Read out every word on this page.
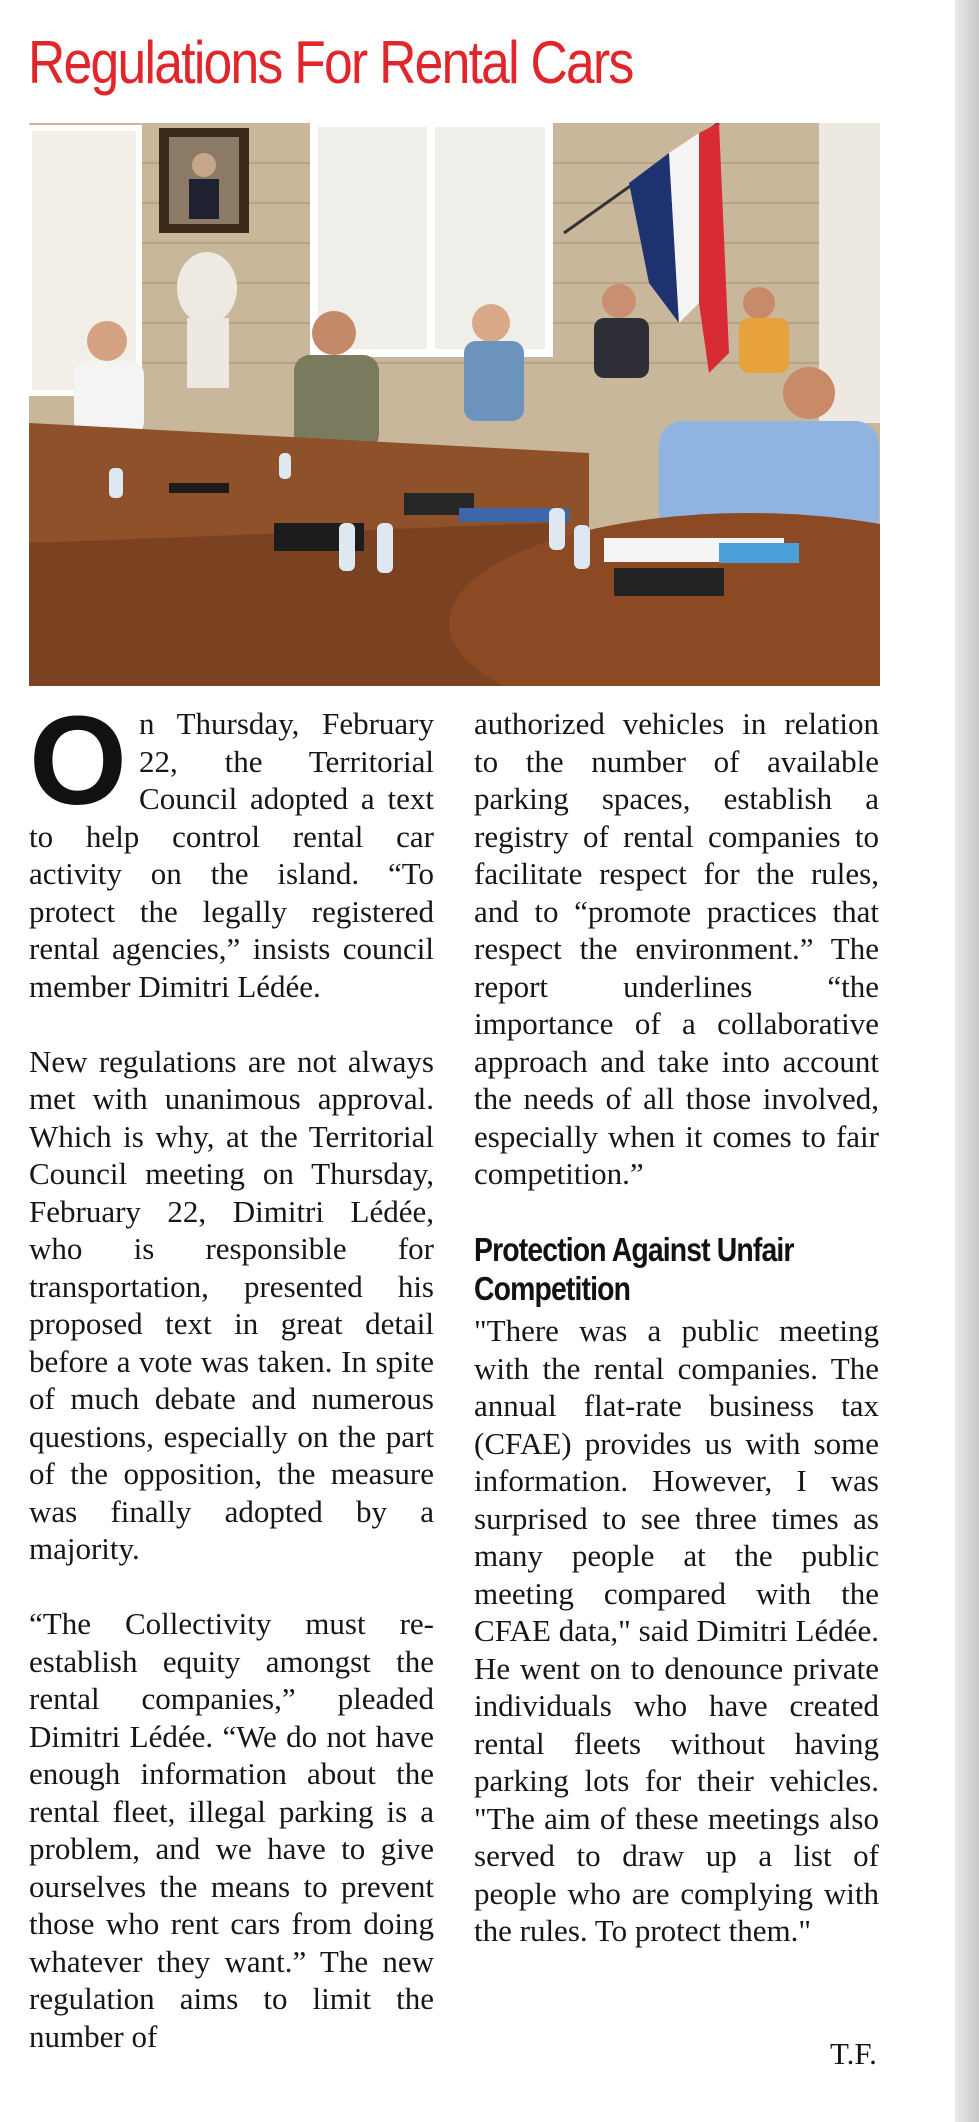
Regulations For Rental Cars

On Thursday, February 22, the Territorial Council adopted a text to help control rental car activity on the island. “To protect the legally registered rental agencies,” insists council member Dimitri Lédée.

New regulations are not always met with unanimous approval. Which is why, at the Territorial Council meeting on Thursday, February 22, Dimitri Lédée, who is responsible for transportation, presented his proposed text in great detail before a vote was taken. In spite of much debate and numerous questions, especially on the part of the opposition, the measure was finally adopted by a majority.

“The Collectivity must re-establish equity amongst the rental companies,” pleaded Dimitri Lédée. “We do not have enough information about the rental fleet, illegal parking is a problem, and we have to give ourselves the means to prevent those who rent cars from doing whatever they want.” The new regulation aims to limit the number of

authorized vehicles in relation to the number of available parking spaces, establish a registry of rental companies to facilitate respect for the rules, and to “promote practices that respect the environment.” The report underlines “the importance of a collaborative approach and take into account the needs of all those involved, especially when it comes to fair competition.”

Protection Against Unfair Competition

"There was a public meeting with the rental companies. The annual flat-rate business tax (CFAE) provides us with some information. However, I was surprised to see three times as many people at the public meeting compared with the CFAE data," said Dimitri Lédée. He went on to denounce private individuals who have created rental fleets without having parking lots for their vehicles. "The aim of these meetings also served to draw up a list of people who are complying with the rules. To protect them."

T.F.
